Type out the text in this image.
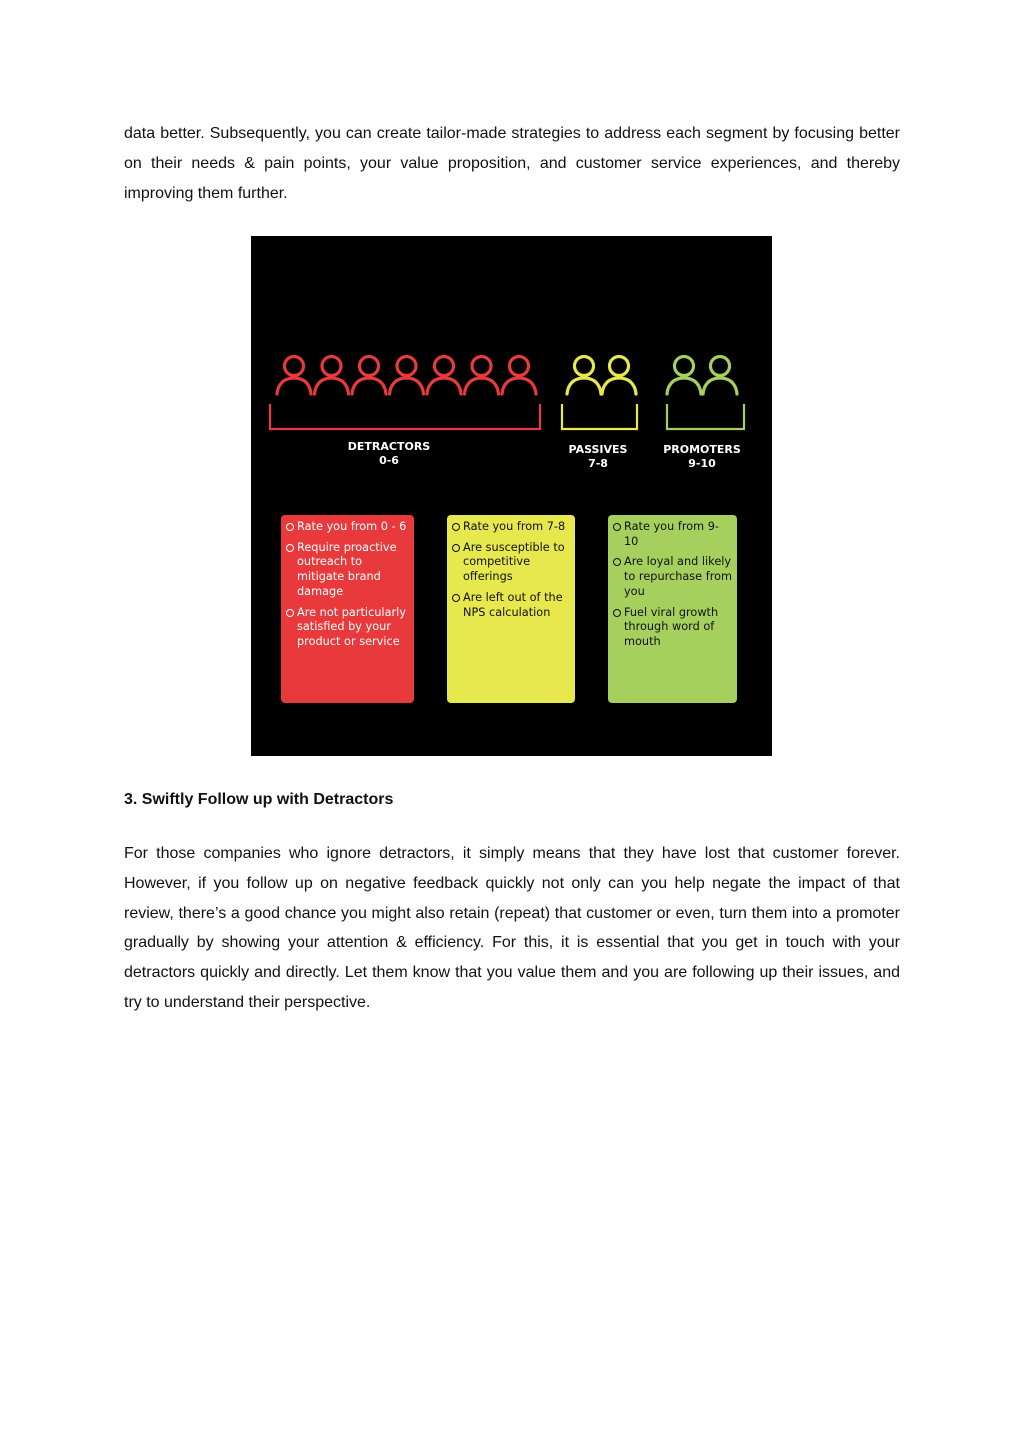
data better. Subsequently, you can create tailor-made strategies to address each segment by focusing better on their needs & pain points, your value proposition, and customer service experiences, and thereby improving them further.

DETRACTORS
0-6
PASSIVES
7-8
PROMOTERS
9-10
Rate you from 0 - 6
Require proactive outreach to mitigate brand damage
Are not particularly satisfied by your product or service
Rate you from 7-8
Are susceptible to competitive offerings
Are left out of the NPS calculation
Rate you from 9-10
Are loyal and likely to repurchase from you
Fuel viral growth through word of mouth
3. Swiftly Follow up with Detractors

For those companies who ignore detractors, it simply means that they have lost that customer forever. However, if you follow up on negative feedback quickly not only can you help negate the impact of that review, there’s a good chance you might also retain (repeat) that customer or even, turn them into a promoter gradually by showing your attention & efficiency. For this, it is essential that you get in touch with your detractors quickly and directly. Let them know that you value them and you are following up their issues, and try to understand their perspective.
